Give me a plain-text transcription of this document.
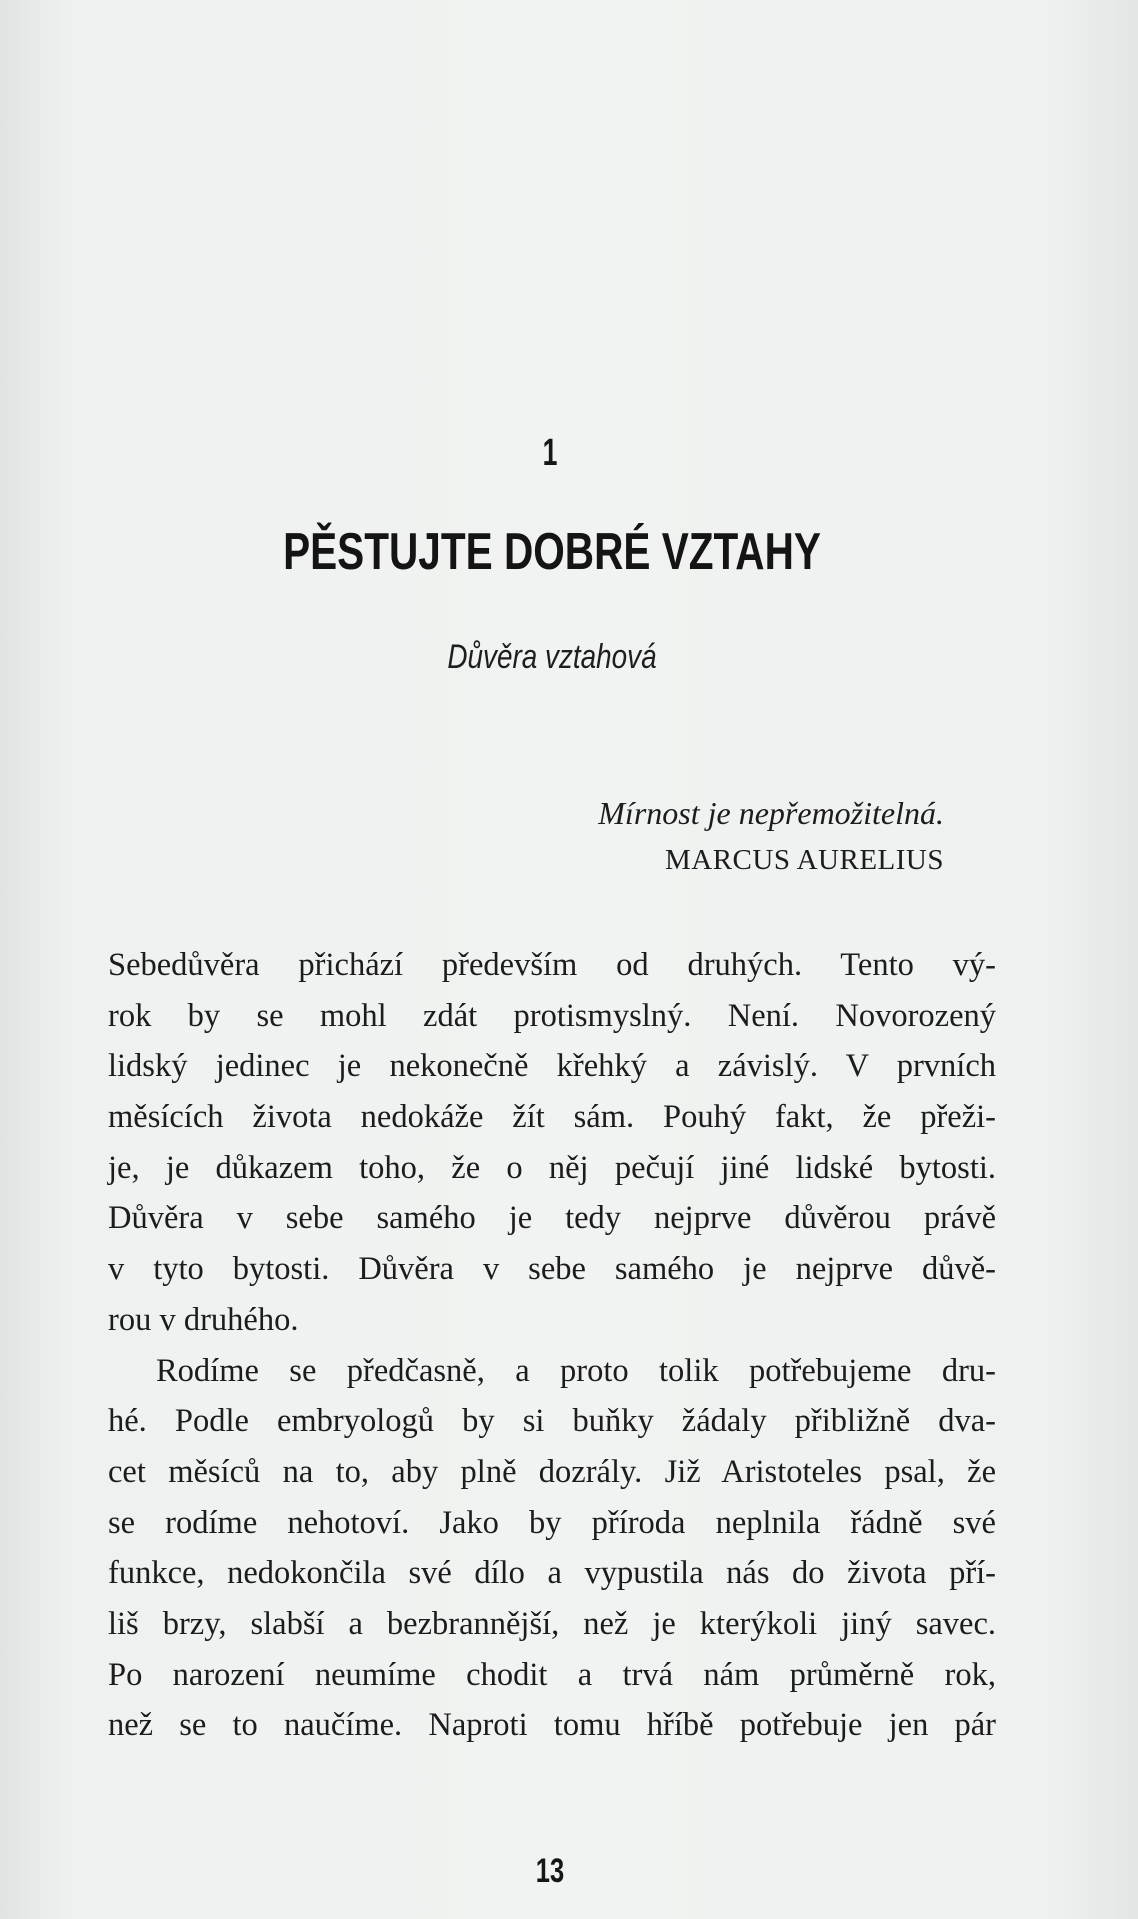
1
PĚSTUJTE DOBRÉ VZTAHY
Důvěra vztahová
Mírnost je nepřemožitelná.
MARCUS AURELIUS
Sebedůvěra přichází především od druhých. Tento vý-
rok by se mohl zdát protismyslný. Není. Novorozený
lidský jedinec je nekonečně křehký a závislý. V prvních
měsících života nedokáže žít sám. Pouhý fakt, že přeži-
je, je důkazem toho, že o něj pečují jiné lidské bytosti.
Důvěra v sebe samého je tedy nejprve důvěrou právě
v tyto bytosti. Důvěra v sebe samého je nejprve důvě-
rou v druhého.
Rodíme se předčasně, a proto tolik potřebujeme dru-
hé. Podle embryologů by si buňky žádaly přibližně dva-
cet měsíců na to, aby plně dozrály. Již Aristoteles psal, že
se rodíme nehotoví. Jako by příroda neplnila řádně své
funkce, nedokončila své dílo a vypustila nás do života pří-
liš brzy, slabší a bezbrannější, než je kterýkoli jiný savec.
Po narození neumíme chodit a trvá nám průměrně rok,
než se to naučíme. Naproti tomu hříbě potřebuje jen pár
13
